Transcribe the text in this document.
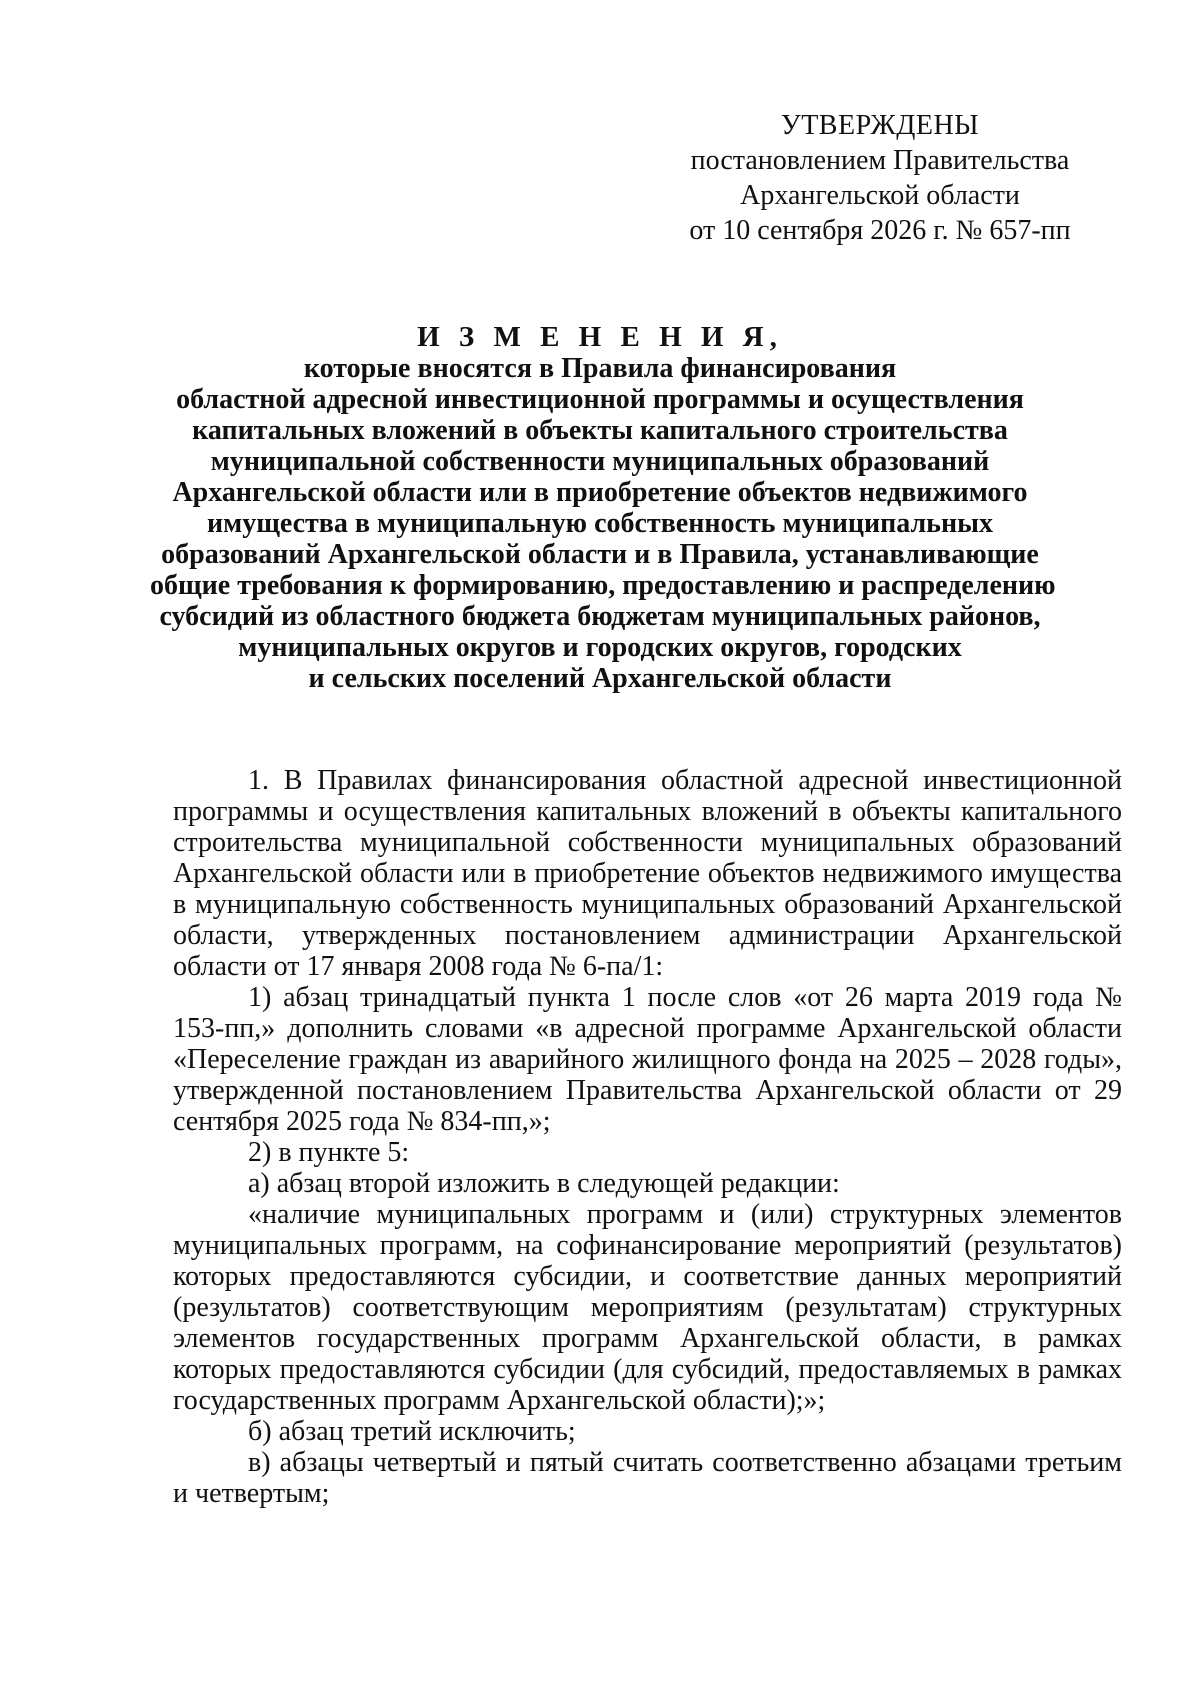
УТВЕРЖДЕНЫ
постановлением Правительства
Архангельской области
от 10 сентября 2026 г. № 657-пп
И З М Е Н Е Н И Я,
которые вносятся в Правила финансирования
областной адресной инвестиционной программы и осуществления
капитальных вложений в объекты капитального строительства
муниципальной собственности муниципальных образований
Архангельской области или в приобретение объектов недвижимого
имущества в муниципальную собственность муниципальных
образований Архангельской области и в Правила, устанавливающие
общие требования к формированию, предоставлению и распределению
субсидий из областного бюджета бюджетам муниципальных районов,
муниципальных округов и городских округов, городских
и сельских поселений Архангельской области

1. В Правилах финансирования областной адресной инвестиционной программы и осуществления капитальных вложений в объекты капитального строительства муниципальной собственности муниципальных образований Архангельской области или в приобретение объектов недвижимого имущества в муниципальную собственность муниципальных образований Архангельской области, утвержденных постановлением администрации Архангельской области от 17 января 2008 года № 6-па/1:

1) абзац тринадцатый пункта 1 после слов «от 26 марта 2019 года № 153-пп,» дополнить словами «в адресной программе Архангельской области «Переселение граждан из аварийного жилищного фонда на 2025 – 2028 годы», утвержденной постановлением Правительства Архангельской области от 29 сентября 2025 года № 834-пп,»;

2) в пункте 5:

а) абзац второй изложить в следующей редакции:

«наличие муниципальных программ и (или) структурных элементов муниципальных программ, на софинансирование мероприятий (результатов) которых предоставляются субсидии, и соответствие данных мероприятий (результатов) соответствующим мероприятиям (результатам) структурных элементов государственных программ Архангельской области, в рамках которых предоставляются субсидии (для субсидий, предоставляемых в рамках государственных программ Архангельской области);»;

б) абзац третий исключить;

в) абзацы четвертый и пятый считать соответственно абзацами третьим и четвертым;
